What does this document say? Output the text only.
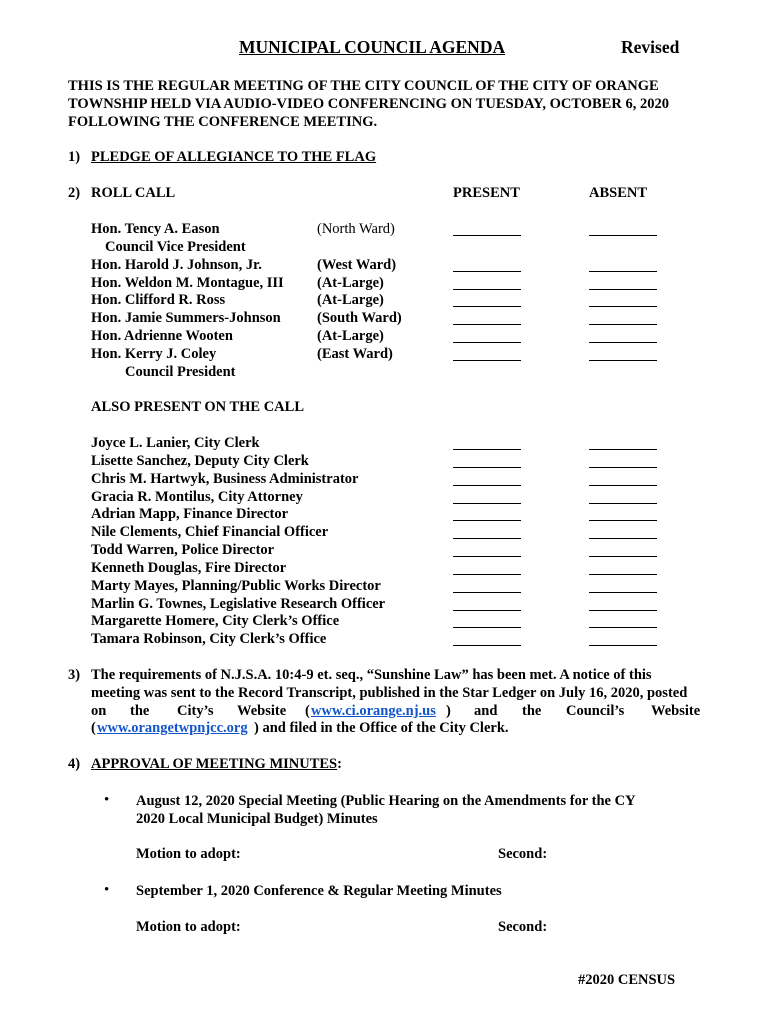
MUNICIPAL COUNCIL AGENDA	Revised
THIS IS THE REGULAR MEETING OF THE CITY COUNCIL OF THE CITY OF ORANGE TOWNSHIP HELD VIA AUDIO-VIDEO CONFERENCING ON TUESDAY, OCTOBER 6, 2020 FOLLOWING THE CONFERENCE MEETING.
1) PLEDGE OF ALLEGIANCE TO THE FLAG
2) ROLL CALL	PRESENT	ABSENT
Hon. Tency A. Eason	(North Ward)
Council Vice President
Hon. Harold J. Johnson, Jr.	(West Ward)
Hon. Weldon M. Montague, III (At-Large)
Hon. Clifford R. Ross	(At-Large)
Hon. Jamie Summers-Johnson	(South Ward)
Hon. Adrienne Wooten	(At-Large)
Hon. Kerry J. Coley	(East Ward)
Council President
ALSO PRESENT ON THE CALL
Joyce L. Lanier, City Clerk
Lisette Sanchez, Deputy City Clerk
Chris M. Hartwyk, Business Administrator
Gracia R. Montilus, City Attorney
Adrian Mapp, Finance Director
Nile Clements, Chief Financial Officer
Todd Warren, Police Director
Kenneth Douglas, Fire Director
Marty Mayes, Planning/Public Works Director
Marlin G. Townes, Legislative Research Officer
Margarette Homere, City Clerk’s Office
Tamara Robinson, City Clerk’s Office
3) The requirements of N.J.S.A. 10:4-9 et. seq., “Sunshine Law” has been met. A notice of this
meeting was sent to the Record Transcript, published in the Star Ledger on July 16, 2020, posted
on the City’s Website ( www.ci.orange.nj.us ) and the Council’s Website
( www.orangetwpnjcc.org ) and filed in the Office of the City Clerk.
4) APPROVAL OF MEETING MINUTES:
• August 12, 2020 Special Meeting (Public Hearing on the Amendments for the CY
2020 Local Municipal Budget) Minutes
Motion to adopt:	Second:
• September 1, 2020 Conference & Regular Meeting Minutes
Motion to adopt:	Second:
#2020 CENSUS
